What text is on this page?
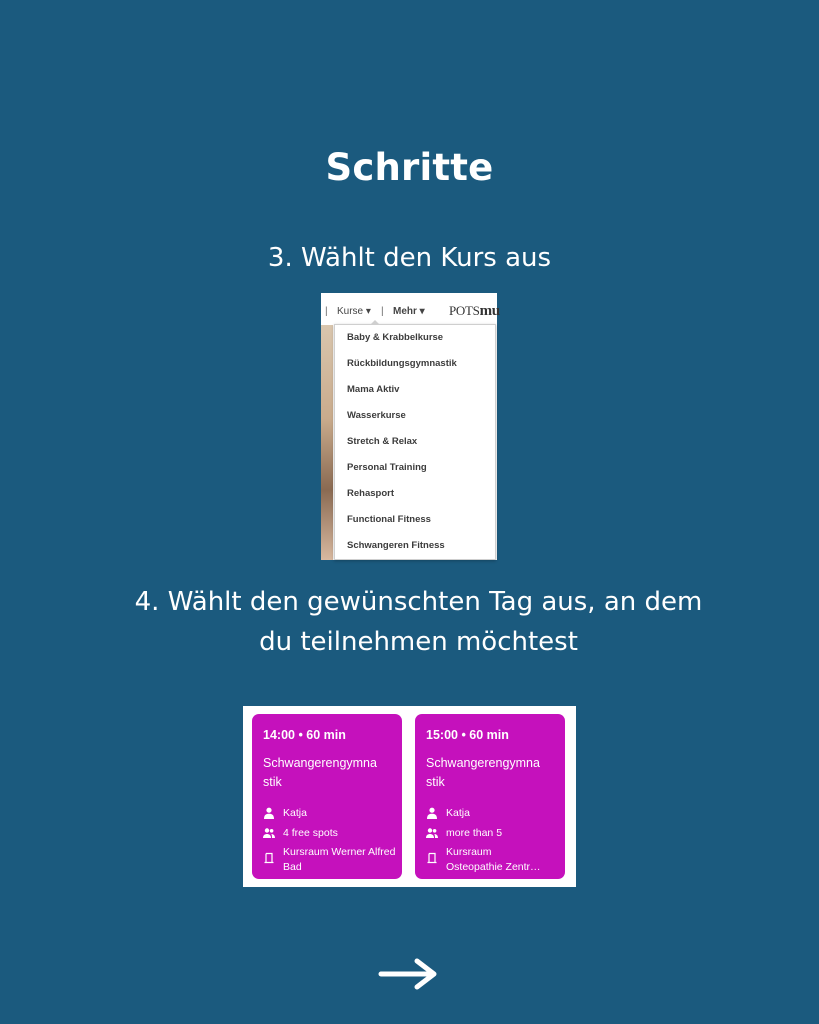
Schritte
3. Wählt den Kurs aus
| Kurse ▾ | Mehr ▾ POTSmu
Baby & Krabbelkurse
Rückbildungsgymnastik
Mama Aktiv
Wasserkurse
Stretch & Relax
Personal Training
Rehasport
Functional Fitness
Schwangeren Fitness
4. Wählt den gewünschten Tag aus, an dem
du teilnehmen möchtest
14:00 • 60 min
Schwangerengymna stik
Katja
4 free spots
Kursraum Werner Alfred Bad
15:00 • 60 min
Schwangerengymna stik
Katja
more than 5
Kursraum
Osteopathie Zentr…
